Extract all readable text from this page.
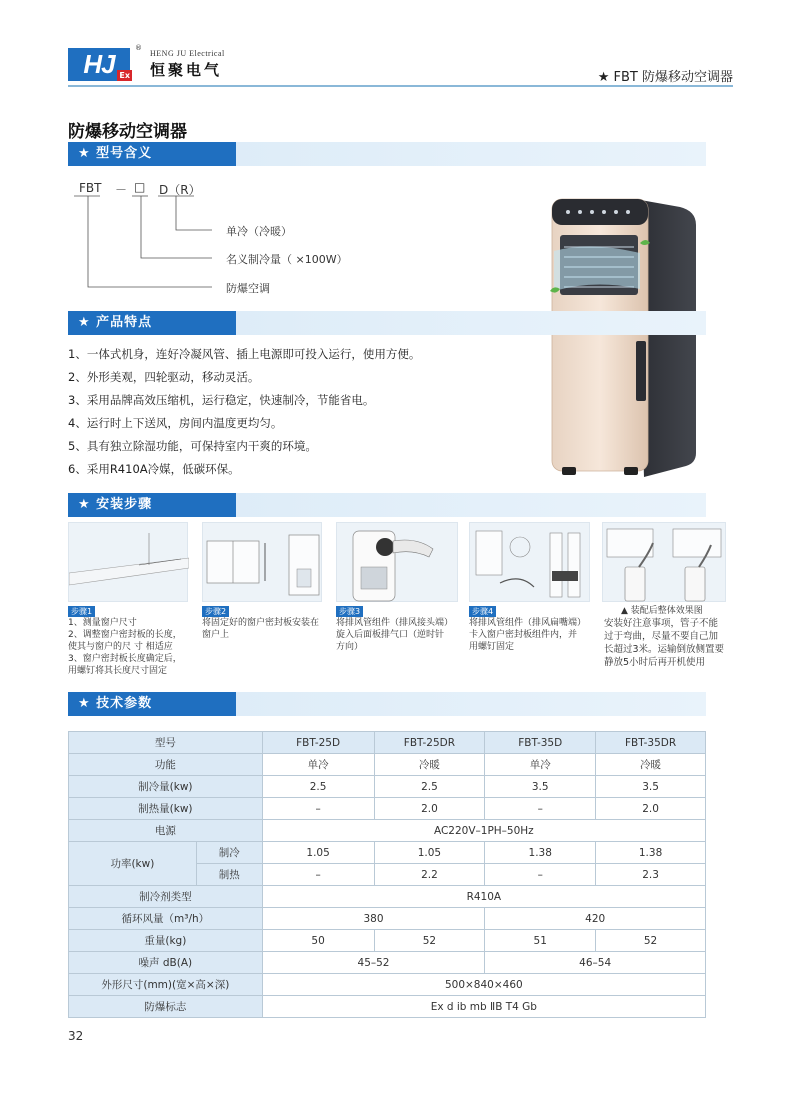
HJ Ex
®
HENG JU Electrical
恒聚电气	★ FBT 防爆移动空调器
防爆移动空调器
★ 型号含义
FBT － □ D（R）
单冷（冷暖）
名义制冷量（ ×100W）
防爆空调
★ 产品特点
1、一体式机身，连好冷凝风管、插上电源即可投入运行，使用方便。
2、外形美观，四轮驱动，移动灵活。
3、采用品牌高效压缩机，运行稳定，快速制冷，节能省电。
4、运行时上下送风，房间内温度更均匀。
5、具有独立除湿功能，可保持室内干爽的环境。
6、采用R410A冷媒，低碳环保。
★ 安装步骤
步骤1

1、测量窗户尺寸

2、调整窗户密封板的长度，

使其与窗户的尺 寸 相适应

3、窗户密封板长度确定后，

用螺钉将其长度尺寸固定

步骤2

将固定好的窗户密封板安装在

窗户上

步骤3

将排风管组件（排风接头端）

旋入后面板排气口（逆时针

方向）

步骤4

将排风管组件（排风扁嘴端）

卡入窗户密封板组件内，并

用螺钉固定

▲ 装配后整体效果图

安装好注意事项，管子不能

过于弯曲，尽量不要自己加

长超过3米。运输倒放侧置要

静放5小时后再开机使用

★ 技术参数
型号		FBT-25D	FBT-25DR	FBT-35D	FBT-35DR
功能		单冷	冷暖	单冷	冷暖
制冷量(kw)		2.5	2.5	3.5	3.5
制热量(kw)		–	2.0	–	2.0
电源		AC220V–1PH–50Hz			
功率(kw)	制冷	1.05	1.05	1.38	1.38
	制热	–	2.2	–	2.3
制冷剂类型		R410A			
循环风量（m³/h）		380		420	
重量(kg)		50	52	51	52
噪声 dB(A)		45–52		46–54	
外形尺寸(mm)(宽×高×深)		500×840×460			
防爆标志		Ex d ib mb ⅡB T4 Gb			
32
